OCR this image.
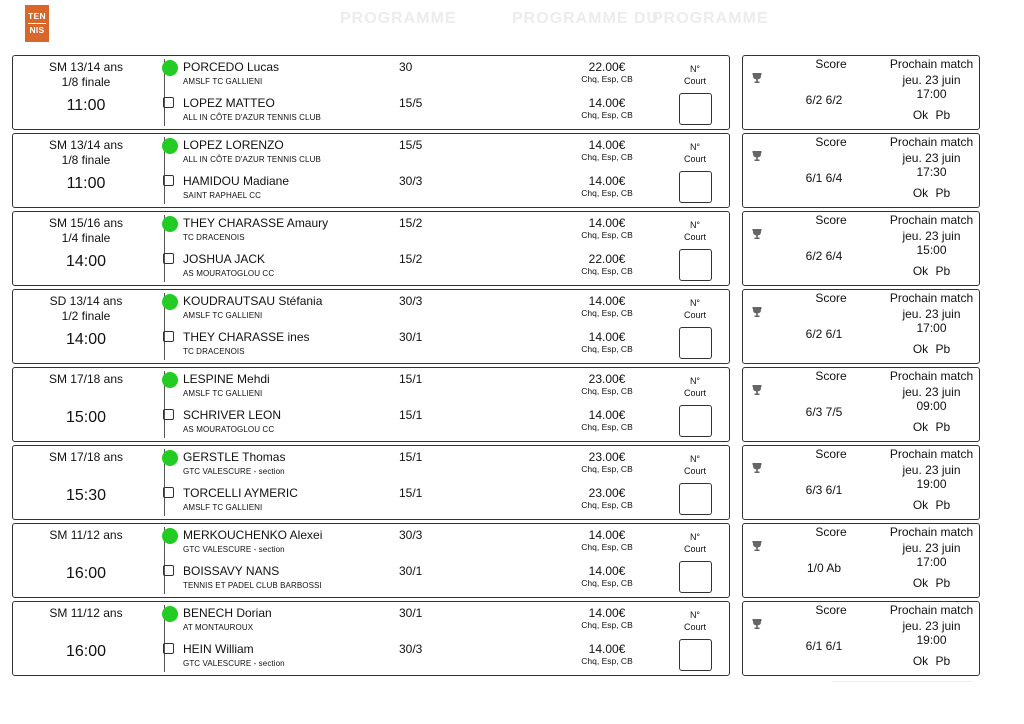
TEN
NIS
PROGRAMME	PROGRAMME DU
PROGRAMME
SM 13/14 ans
1/8 finale
11:00
PORCEDO Lucas
AMSLF TC GALLIENI
LOPEZ MATTEO
ALL IN CÔTE D'AZUR TENNIS CLUB
30
15/5
22.00€
Chq, Esp, CB
14.00€
Chq, Esp, CB
N°
Court
Score
6/2 6/2
Prochain match
jeu. 23 juin
17:00
Ok Pb
SM 13/14 ans
1/8 finale
11:00
LOPEZ LORENZO
ALL IN CÔTE D'AZUR TENNIS CLUB
HAMIDOU Madiane
SAINT RAPHAEL CC
15/5
30/3
14.00€
Chq, Esp, CB
14.00€
Chq, Esp, CB
N°
Court
Score
6/1 6/4
Prochain match
jeu. 23 juin
17:30
Ok Pb
SM 15/16 ans
1/4 finale
14:00
THEY CHARASSE Amaury
TC DRACENOIS
JOSHUA JACK
AS MOURATOGLOU CC
15/2
15/2
14.00€
Chq, Esp, CB
22.00€
Chq, Esp, CB
N°
Court
Score
6/2 6/4
Prochain match
jeu. 23 juin
15:00
Ok Pb
SD 13/14 ans
1/2 finale
14:00
KOUDRAUTSAU Stéfania
AMSLF TC GALLIENI
THEY CHARASSE ines
TC DRACENOIS
30/3
30/1
14.00€
Chq, Esp, CB
14.00€
Chq, Esp, CB
N°
Court
Score
6/2 6/1
Prochain match
jeu. 23 juin
17:00
Ok Pb
SM 17/18 ans
15:00
LESPINE Mehdi
AMSLF TC GALLIENI
SCHRIVER LEON
AS MOURATOGLOU CC
15/1
15/1
23.00€
Chq, Esp, CB
14.00€
Chq, Esp, CB
N°
Court
Score
6/3 7/5
Prochain match
jeu. 23 juin
09:00
Ok Pb
SM 17/18 ans
15:30
GERSTLE Thomas
GTC VALESCURE - section
TORCELLI AYMERIC
AMSLF TC GALLIENI
15/1
15/1
23.00€
Chq, Esp, CB
23.00€
Chq, Esp, CB
N°
Court
Score
6/3 6/1
Prochain match
jeu. 23 juin
19:00
Ok Pb
SM 11/12 ans
16:00
MERKOUCHENKO Alexei
GTC VALESCURE - section
BOISSAVY NANS
TENNIS ET PADEL CLUB BARBOSSI
30/3
30/1
14.00€
Chq, Esp, CB
14.00€
Chq, Esp, CB
N°
Court
Score
1/0 Ab
Prochain match
jeu. 23 juin
17:00
Ok Pb
SM 11/12 ans
16:00
BENECH Dorian
AT MONTAUROUX
HEIN William
GTC VALESCURE - section
30/1
30/3
14.00€
Chq, Esp, CB
14.00€
Chq, Esp, CB
N°
Court
Score
6/1 6/1
Prochain match
jeu. 23 juin
19:00
Ok Pb
